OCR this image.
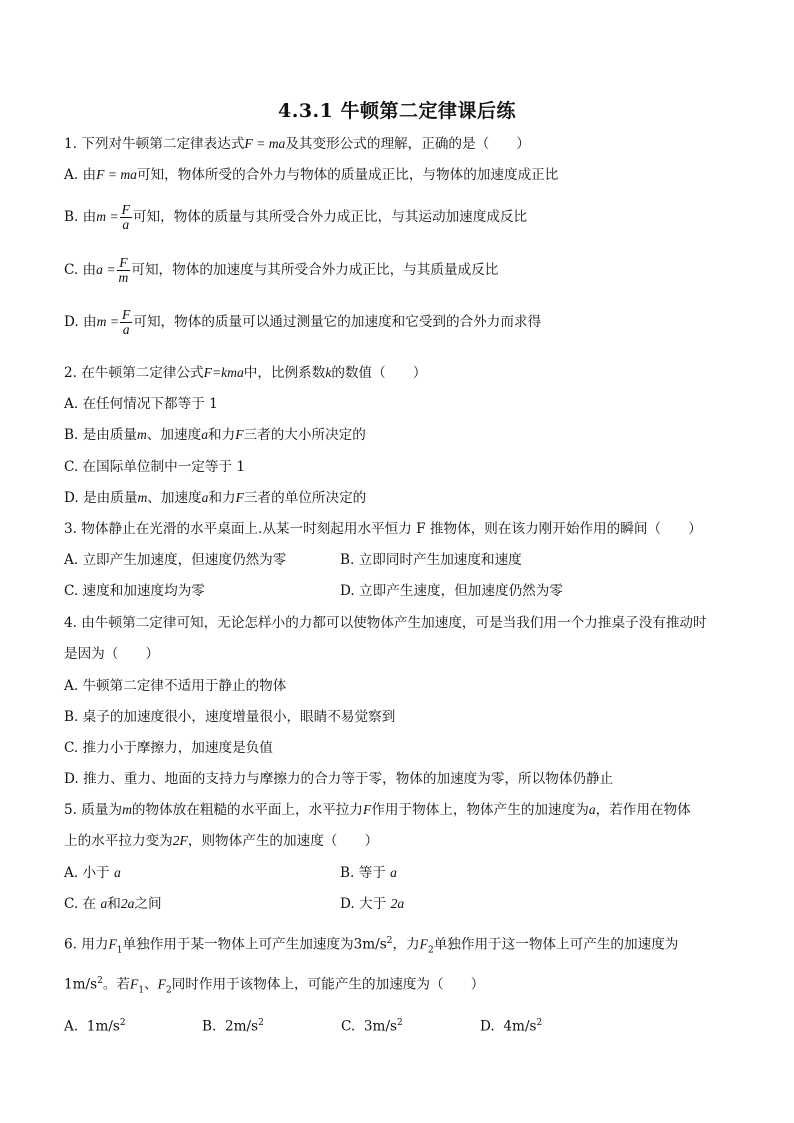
4.3.1 牛顿第二定律课后练
1. 下列对牛顿第二定律表达式F = ma及其变形公式的理解，正确的是（　　）
A. 由F = ma可知，物体所受的合外力与物体的质量成正比，与物体的加速度成正比
B. 由$m = \frac{F}{a}$ 可知，物体的质量与其所受合外力成正比，与其运动加速度成反比
C. 由$a = \frac{F}{m}$ 可知，物体的加速度与其所受合外力成正比，与其质量成反比
D. 由$m = \frac{F}{a}$ 可知，物体的质量可以通过测量它的加速度和它受到的合外力而求得
2. 在牛顿第二定律公式F=kma中，比例系数k的数值（　　）
A. 在任何情况下都等于 1
B. 是由质量m、加速度a和力F三者的大小所决定的
C. 在国际单位制中一定等于 1
D. 是由质量m、加速度a和力F三者的单位所决定的
3. 物体静止在光滑的水平桌面上.从某一时刻起用水平恒力 F 推物体，则在该力刚开始作用的瞬间（　　）
A. 立即产生加速度，但速度仍然为零	B. 立即同时产生加速度和速度
C. 速度和加速度均为零	D. 立即产生速度，但加速度仍然为零
4. 由牛顿第二定律可知，无论怎样小的力都可以使物体产生加速度，可是当我们用一个力推桌子没有推动时
是因为（　　）
A. 牛顿第二定律不适用于静止的物体
B. 桌子的加速度很小，速度增量很小，眼睛不易觉察到
C. 推力小于摩擦力，加速度是负值
D. 推力、重力、地面的支持力与摩擦力的合力等于零，物体的加速度为零，所以物体仍静止
5. 质量为m的物体放在粗糙的水平面上，水平拉力F作用于物体上，物体产生的加速度为a，若作用在物体
上的水平拉力变为2F，则物体产生的加速度（　　）
A. 小于 a	B. 等于 a
C. 在 a和2a之间	D. 大于 2a
6. 用力$F_1$单独作用于某一物体上可产生加速度为$3m/s^2$，力$F_2$单独作用于这一物体上可产生的加速度为
$1m/s^2$。若$F_1$、$F_2$同时作用于该物体上，可能产生的加速度为（　　）
A. $1m/s^2$	B. $2m/s^2$	C. $3m/s^2$	D. $4m/s^2$
